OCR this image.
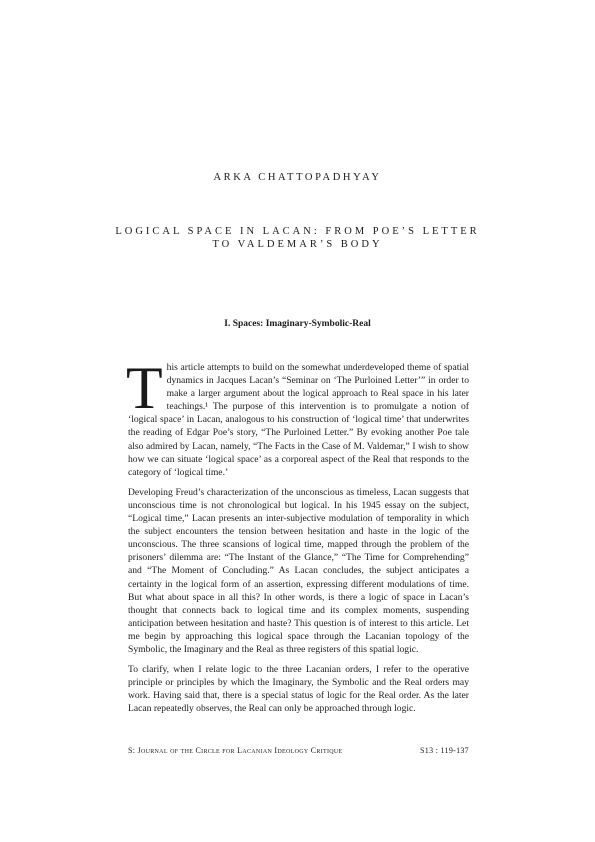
ARKA CHATTOPADHYAY
LOGICAL SPACE IN LACAN: FROM POE’S LETTER TO VALDEMAR’S BODY
I. Spaces: Imaginary-Symbolic-Real

This article attempts to build on the somewhat underdeveloped theme of spatial dynamics in Jacques Lacan’s “Seminar on ‘The Purloined Letter’” in order to make a larger argument about the logical approach to Real space in his later teachings.¹ The purpose of this intervention is to promulgate a notion of ‘logical space’ in Lacan, analogous to his construction of ‘logical time’ that underwrites the reading of Edgar Poe’s story, “The Purloined Letter.” By evoking another Poe tale also admired by Lacan, namely, “The Facts in the Case of M. Valdemar,” I wish to show how we can situate ‘logical space’ as a corporeal aspect of the Real that responds to the category of ‘logical time.’

Developing Freud’s characterization of the unconscious as timeless, Lacan suggests that unconscious time is not chronological but logical. In his 1945 essay on the subject, “Logical time,” Lacan presents an inter-subjective modulation of temporality in which the subject encounters the tension between hesitation and haste in the logic of the unconscious. The three scansions of logical time, mapped through the problem of the prisoners’ dilemma are: “The Instant of the Glance,” “The Time for Comprehending” and “The Moment of Concluding.” As Lacan concludes, the subject anticipates a certainty in the logical form of an assertion, expressing different modulations of time. But what about space in all this? In other words, is there a logic of space in Lacan’s thought that connects back to logical time and its complex moments, suspending anticipation between hesitation and haste? This question is of interest to this article. Let me begin by approaching this logical space through the Lacanian topology of the Symbolic, the Imaginary and the Real as three registers of this spatial logic.

To clarify, when I relate logic to the three Lacanian orders, I refer to the operative principle or principles by which the Imaginary, the Symbolic and the Real orders may work. Having said that, there is a special status of logic for the Real order. As the later Lacan repeatedly observes, the Real can only be approached through logic.

S: Journal of the Circle for Lacanian Ideology Critique	S13 : 119-137
